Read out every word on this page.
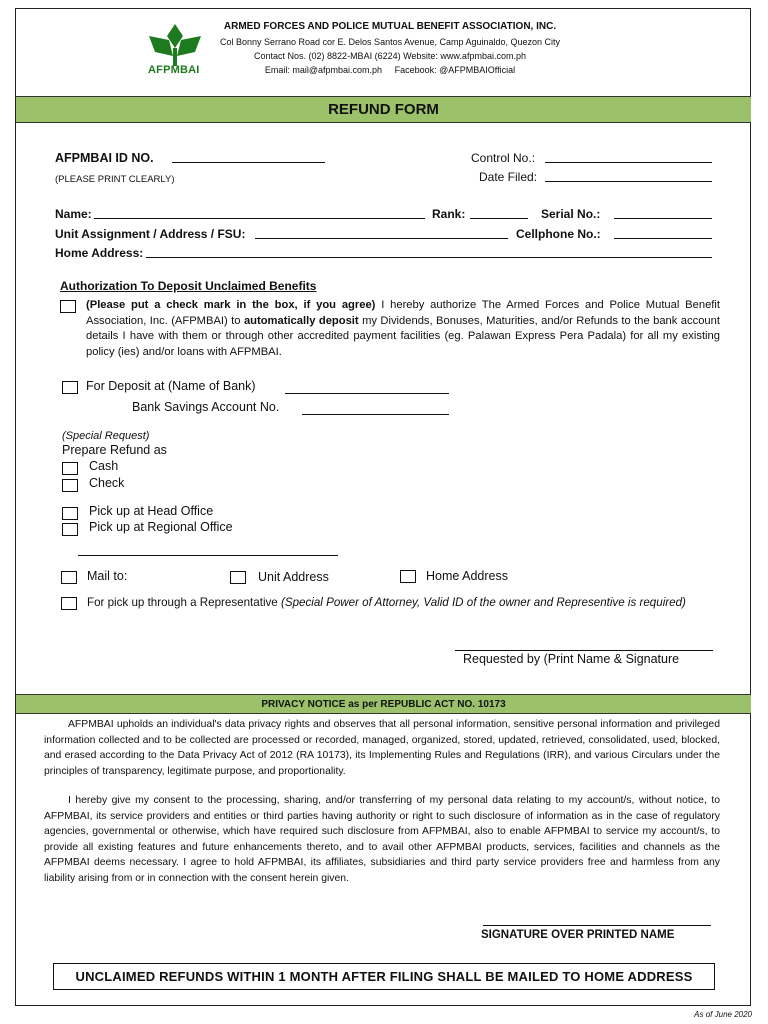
AFPMBAI
ARMED FORCES AND POLICE MUTUAL BENEFIT ASSOCIATION, INC.
Col Bonny Serrano Road cor E. Delos Santos Avenue, Camp Aguinaldo, Quezon City
Contact Nos. (02) 8822-MBAI (6224) Website: www.afpmbai.com.ph
Email: mail@afpmbai.com.ph     Facebook: @AFPMBAIOfficial
REFUND FORM
AFPMBAI ID NO.
(PLEASE PRINT CLEARLY)
Control No.:
Date Filed:
Name:	Rank:	Serial No.:
Unit Assignment / Address / FSU:	Cellphone No.:
Home Address:
Authorization To Deposit Unclaimed Benefits
(Please put a check mark in the box, if you agree) I hereby authorize The Armed Forces and Police Mutual Benefit Association, Inc. (AFPMBAI) to automatically deposit my Dividends, Bonuses, Maturities, and/or Refunds to the bank account details I have with them or through other accredited payment facilities (eg. Palawan Express Pera Padala) for all my existing policy (ies) and/or loans with AFPMBAI.
For Deposit at (Name of Bank)
Bank Savings Account No.
(Special Request)
Prepare Refund as
Cash
Check
Pick up at Head Office
Pick up at Regional Office
Mail to:	Unit Address	Home Address
For pick up through a Representative (Special Power of Attorney, Valid ID of the owner and Representive is required)
Requested by (Print Name & Signature
PRIVACY NOTICE as per REPUBLIC ACT NO. 10173
AFPMBAI upholds an individual's data privacy rights and observes that all personal information, sensitive personal information and privileged information collected and to be collected are processed or recorded, managed, organized, stored, updated, retrieved, consolidated, used, blocked, and erased according to the Data Privacy Act of 2012 (RA 10173), its Implementing Rules and Regulations (IRR), and various Circulars under the principles of transparency, legitimate purpose, and proportionality.
I hereby give my consent to the processing, sharing, and/or transferring of my personal data relating to my account/s, without notice, to AFPMBAI, its service providers and entities or third parties having authority or right to such disclosure of information as in the case of regulatory agencies, governmental or otherwise, which have required such disclosure from AFPMBAI, also to enable AFPMBAI to service my account/s, to provide all existing features and future enhancements thereto, and to avail other AFPMBAI products, services, facilities and channels as the AFPMBAI deems necessary. I agree to hold AFPMBAI, its affiliates, subsidiaries and third party service providers free and harmless from any liability arising from or in connection with the consent herein given.
SIGNATURE OVER PRINTED NAME
UNCLAIMED REFUNDS WITHIN 1 MONTH AFTER FILING SHALL BE MAILED TO HOME ADDRESS
As of June 2020
